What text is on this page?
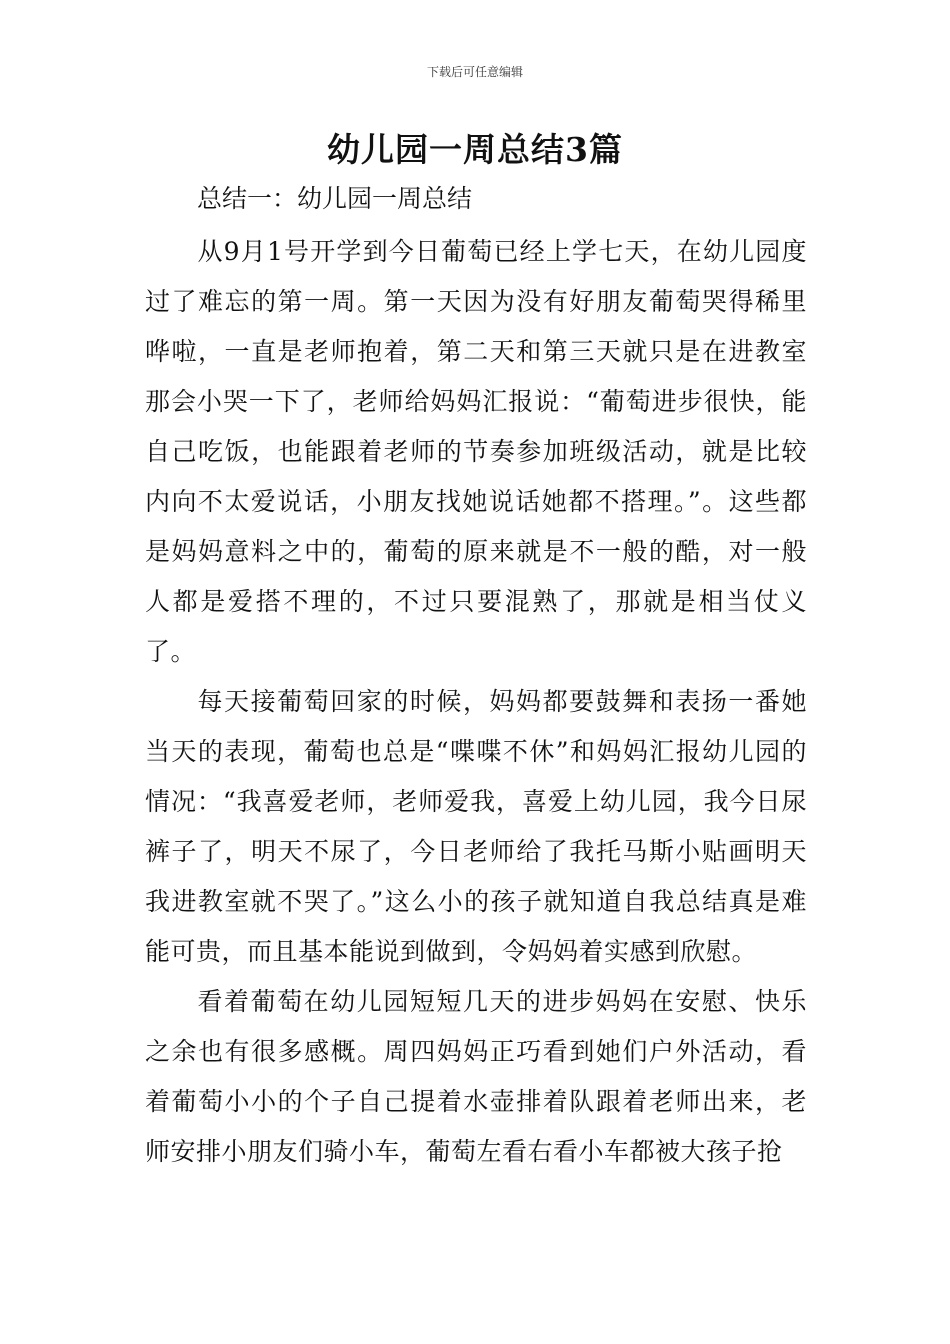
下载后可任意编辑
幼儿园一周总结3篇

总结一：幼儿园一周总结

从9月1号开学到今日葡萄已经上学七天，在幼儿园度过了难忘的第一周。第一天因为没有好朋友葡萄哭得稀里哗啦，一直是老师抱着，第二天和第三天就只是在进教室那会小哭一下了，老师给妈妈汇报说：“葡萄进步很快，能自己吃饭，也能跟着老师的节奏参加班级活动，就是比较内向不太爱说话，小朋友找她说话她都不搭理。”。这些都是妈妈意料之中的，葡萄的原来就是不一般的酷，对一般人都是爱搭不理的，不过只要混熟了，那就是相当仗义了。

每天接葡萄回家的时候，妈妈都要鼓舞和表扬一番她当天的表现，葡萄也总是“喋喋不休”和妈妈汇报幼儿园的情况：“我喜爱老师，老师爱我，喜爱上幼儿园，我今日尿裤子了，明天不尿了，今日老师给了我托马斯小贴画明天我进教室就不哭了。”这么小的孩子就知道自我总结真是难能可贵，而且基本能说到做到，令妈妈着实感到欣慰。

看着葡萄在幼儿园短短几天的进步妈妈在安慰、快乐之余也有很多感概。周四妈妈正巧看到她们户外活动，看着葡萄小小的个子自己提着水壶排着队跟着老师出来，老师安排小朋友们骑小车，葡萄左看右看小车都被大孩子抢
